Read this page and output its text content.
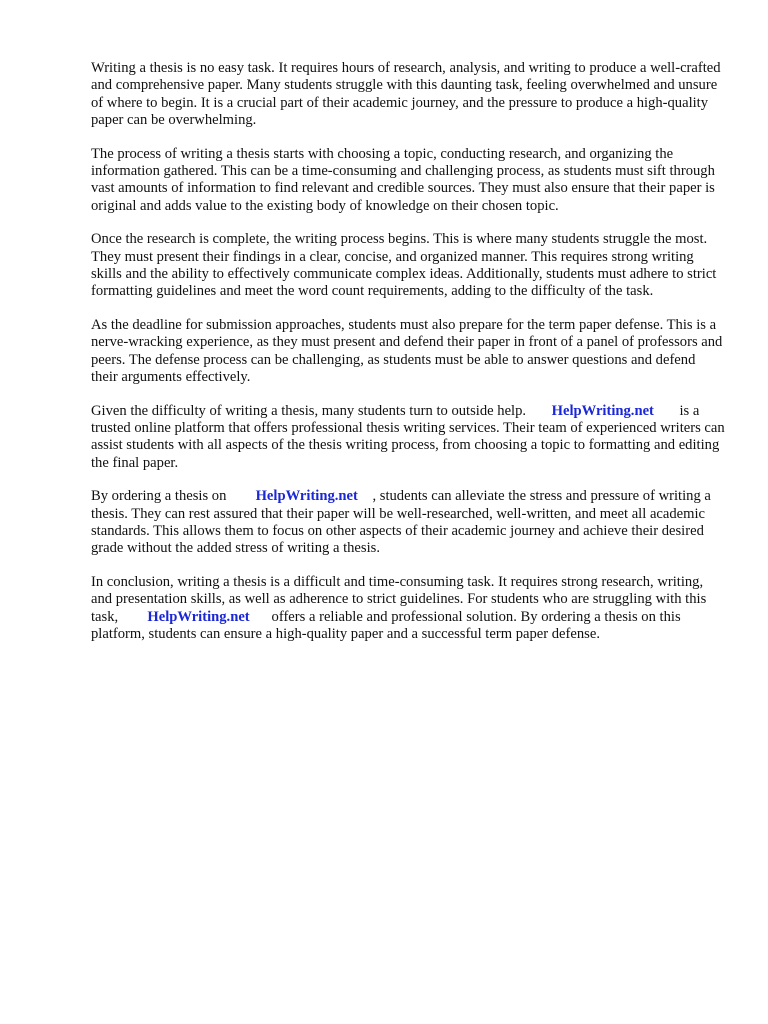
Writing a thesis is no easy task. It requires hours of research, analysis, and writing to produce a well-crafted and comprehensive paper. Many students struggle with this daunting task, feeling overwhelmed and unsure of where to begin. It is a crucial part of their academic journey, and the pressure to produce a high-quality paper can be overwhelming.

The process of writing a thesis starts with choosing a topic, conducting research, and organizing the information gathered. This can be a time-consuming and challenging process, as students must sift through vast amounts of information to find relevant and credible sources. They must also ensure that their paper is original and adds value to the existing body of knowledge on their chosen topic.

Once the research is complete, the writing process begins. This is where many students struggle the most. They must present their findings in a clear, concise, and organized manner. This requires strong writing skills and the ability to effectively communicate complex ideas. Additionally, students must adhere to strict formatting guidelines and meet the word count requirements, adding to the difficulty of the task.

As the deadline for submission approaches, students must also prepare for the term paper defense. This is a nerve-wracking experience, as they must present and defend their paper in front of a panel of professors and peers. The defense process can be challenging, as students must be able to answer questions and defend their arguments effectively.

Given the difficulty of writing a thesis, many students turn to outside help. HelpWriting.net is a trusted online platform that offers professional thesis writing services. Their team of experienced writers can assist students with all aspects of the thesis writing process, from choosing a topic to formatting and editing the final paper.

By ordering a thesis on HelpWriting.net , students can alleviate the stress and pressure of writing a thesis. They can rest assured that their paper will be well-researched, well-written, and meet all academic standards. This allows them to focus on other aspects of their academic journey and achieve their desired grade without the added stress of writing a thesis.

In conclusion, writing a thesis is a difficult and time-consuming task. It requires strong research, writing, and presentation skills, as well as adherence to strict guidelines. For students who are struggling with this task, HelpWriting.net offers a reliable and professional solution. By ordering a thesis on this platform, students can ensure a high-quality paper and a successful term paper defense.
